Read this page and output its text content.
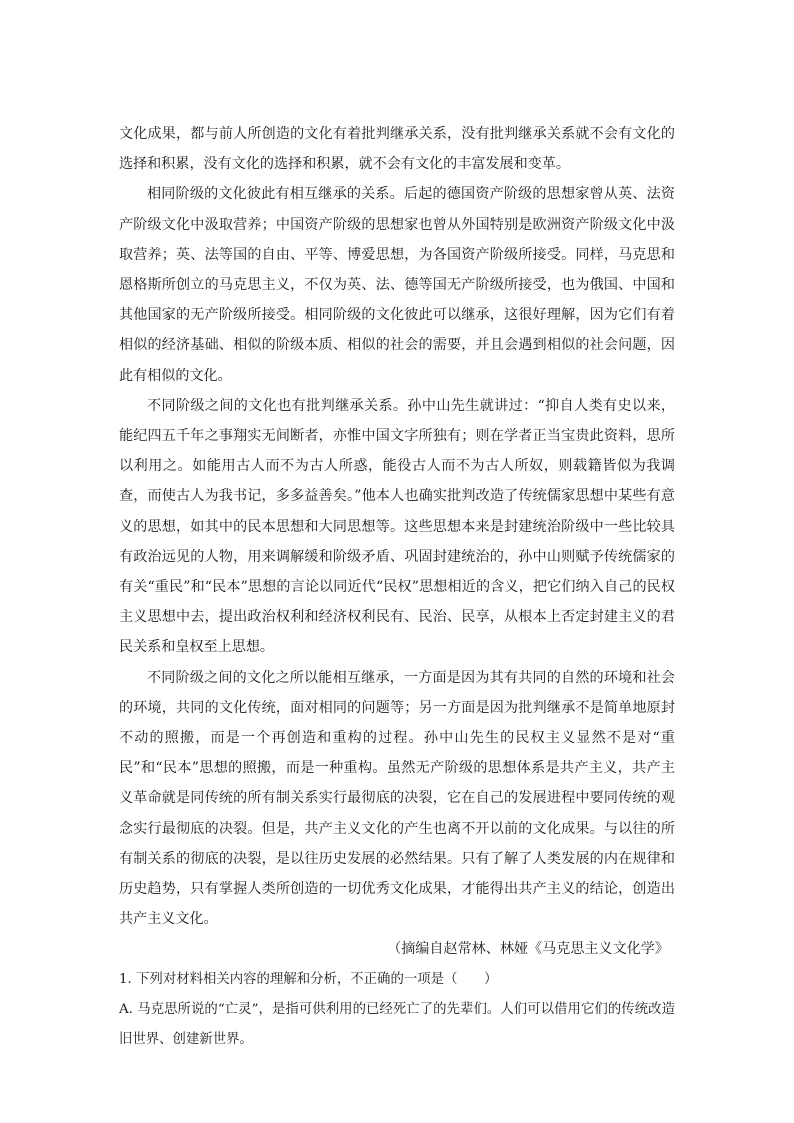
文化成果，都与前人所创造的文化有着批判继承关系，没有批判继承关系就不会有文化的选择和积累，没有文化的选择和积累，就不会有文化的丰富发展和变革。

相同阶级的文化彼此有相互继承的关系。后起的德国资产阶级的思想家曾从英、法资产阶级文化中汲取营养；中国资产阶级的思想家也曾从外国特别是欧洲资产阶级文化中汲取营养；英、法等国的自由、平等、博爱思想，为各国资产阶级所接受。同样，马克思和恩格斯所创立的马克思主义，不仅为英、法、德等国无产阶级所接受，也为俄国、中国和其他国家的无产阶级所接受。相同阶级的文化彼此可以继承，这很好理解，因为它们有着相似的经济基础、相似的阶级本质、相似的社会的需要，并且会遇到相似的社会问题，因此有相似的文化。

不同阶级之间的文化也有批判继承关系。孙中山先生就讲过：“抑自人类有史以来，能纪四五千年之事翔实无间断者，亦惟中国文字所独有；则在学者正当宝贵此资料，思所以利用之。如能用古人而不为古人所惑，能役古人而不为古人所奴，则载籍皆似为我调查，而使古人为我书记，多多益善矣。”他本人也确实批判改造了传统儒家思想中某些有意义的思想，如其中的民本思想和大同思想等。这些思想本来是封建统治阶级中一些比较具有政治远见的人物，用来调解缓和阶级矛盾、巩固封建统治的，孙中山则赋予传统儒家的有关“重民”和“民本”思想的言论以同近代“民权”思想相近的含义，把它们纳入自己的民权主义思想中去，提出政治权利和经济权利民有、民治、民享，从根本上否定封建主义的君民关系和皇权至上思想。

不同阶级之间的文化之所以能相互继承，一方面是因为其有共同的自然的环境和社会的环境，共同的文化传统，面对相同的问题等；另一方面是因为批判继承不是简单地原封不动的照搬，而是一个再创造和重构的过程。孙中山先生的民权主义显然不是对“重民”和“民本”思想的照搬，而是一种重构。虽然无产阶级的思想体系是共产主义，共产主义革命就是同传统的所有制关系实行最彻底的决裂，它在自己的发展进程中要同传统的观念实行最彻底的决裂。但是，共产主义文化的产生也离不开以前的文化成果。与以往的所有制关系的彻底的决裂，是以往历史发展的必然结果。只有了解了人类发展的内在规律和历史趋势，只有掌握人类所创造的一切优秀文化成果，才能得出共产主义的结论，创造出共产主义文化。

（摘编自赵常林、林娅《马克思主义文化学》

1. 下列对材料相关内容的理解和分析，不正确的一项是（　　）

A. 马克思所说的“亡灵”，是指可供利用的已经死亡了的先辈们。人们可以借用它们的传统改造旧世界、创建新世界。
